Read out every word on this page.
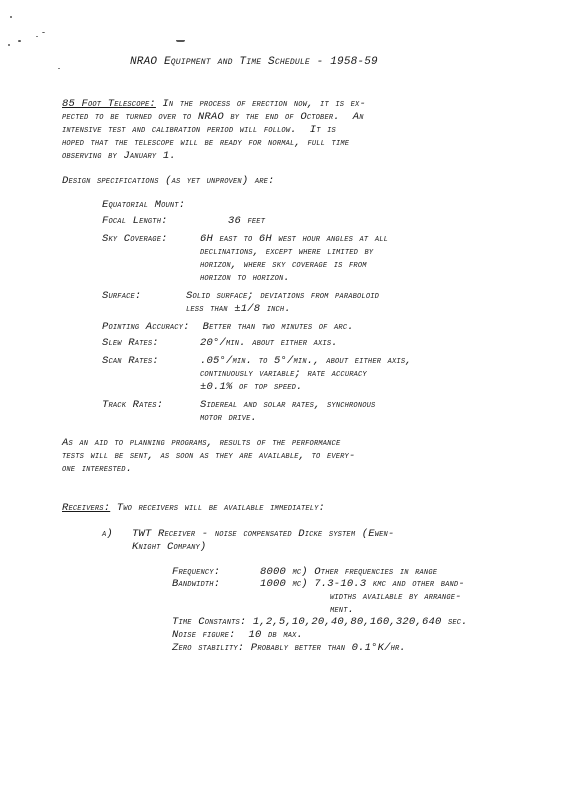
NRAO Equipment and Time Schedule - 1958-59
85 Foot Telescope: In the process of erection now, it is ex-
pected to be turned over to NRAO by the end of October.  An
intensive test and calibration period will follow.  It is
hoped that the telescope will be ready for normal, full time
observing by January 1.
Design specifications (as yet unproven) are:
Equatorial Mount:
Focal Length:	36 feet
Sky Coverage:	6H east to 6H west hour angles at all
declinations, except where limited by
horizon, where sky coverage is from
horizon to horizon.
Surface:	Solid surface; deviations from paraboloid
less than ±1/8 inch.
Pointing Accuracy:  Better than two minutes of arc.
Slew Rates:	20°/min. about either axis.
Scan Rates:	.05°/min. to 5°/min., about either axis,
continuously variable; rate accuracy
±0.1% of top speed.
Track Rates:	Sidereal and solar rates, synchronous
motor drive.
As an aid to planning programs, results of the performance
tests will be sent, as soon as they are available, to every-
one interested.
Receivers: Two receivers will be available immediately:
a) TWT Receiver - noise compensated Dicke system (Ewen-
Knight Company)
Frequency:	8000 mc) Other frequencies in range
Bandwidth:	1000 mc) 7.3-10.3 kmc and other band-
widths available by arrange-
ment.
Time Constants: 1,2,5,10,20,40,80,160,320,640 sec.
Noise figure:  10 db max.
Zero stability: Probably better than 0.1°K/hr.
